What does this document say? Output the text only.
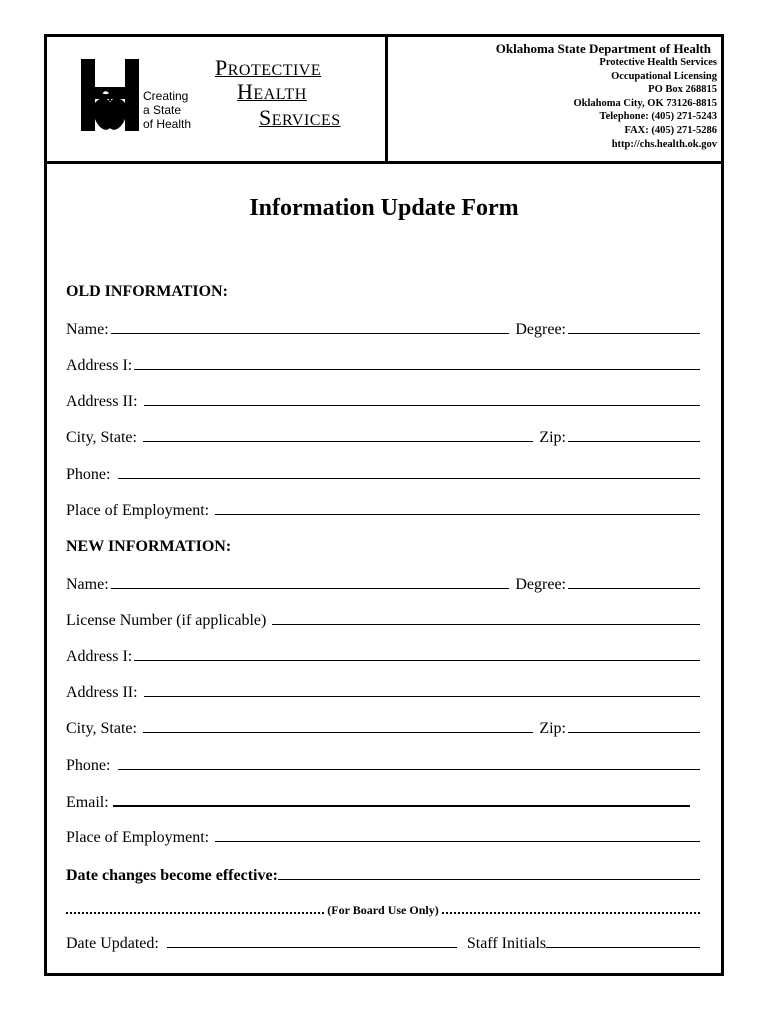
Creating
a State
of Health
PROTECTIVE
HEALTH
SERVICES
Oklahoma State Department of Health
Protective Health Services
Occupational Licensing
PO Box 268815
Oklahoma City, OK 73126-8815
Telephone: (405) 271-5243
FAX: (405) 271-5286
http://chs.health.ok.gov
Information Update Form
OLD INFORMATION:
Name:	Degree:
Address I:
Address II:
City, State:	Zip:
Phone:
Place of Employment:
NEW INFORMATION:
Name:	Degree:
License Number (if applicable)
Address I:
Address II:
City, State:	Zip:
Phone:
Email:
Place of Employment:
Date changes become effective:
(For Board Use Only)
Date Updated:	Staff Initials
